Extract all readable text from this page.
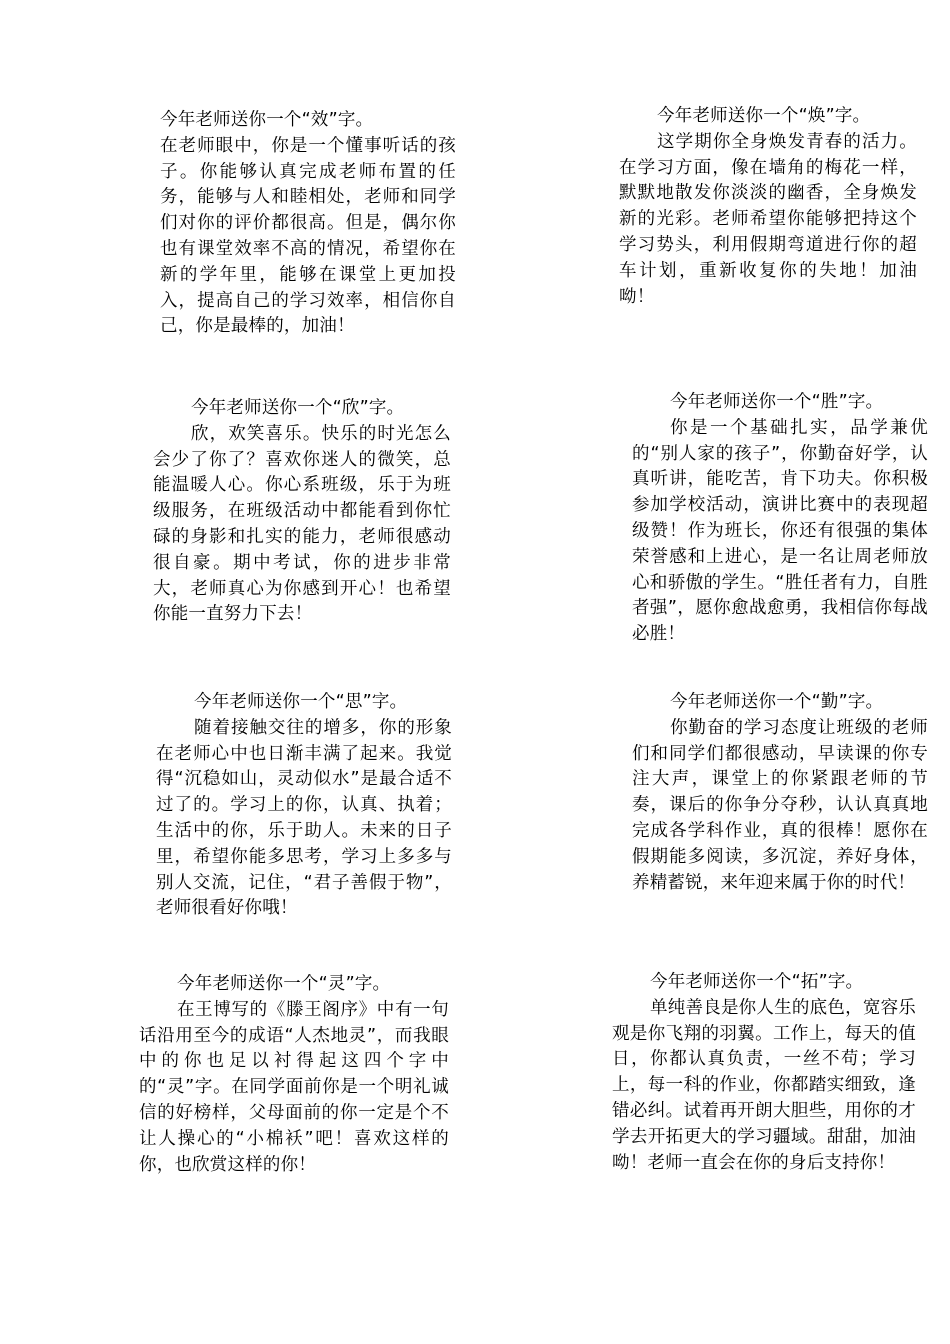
今年老师送你一个“效”字。

在老师眼中，你是一个懂事听话的孩子。你能够认真完成老师布置的任务，能够与人和睦相处，老师和同学们对你的评价都很高。但是，偶尔你也有课堂效率不高的情况，希望你在新的学年里，能够在课堂上更加投入，提高自己的学习效率，相信你自己，你是最棒的，加油！

今年老师送你一个“焕”字。

这学期你全身焕发青春的活力。在学习方面，像在墙角的梅花一样，默默地散发你淡淡的幽香，全身焕发新的光彩。老师希望你能够把持这个学习势头，利用假期弯道进行你的超车计划，重新收复你的失地！加油呦！

今年老师送你一个“欣”字。

欣，欢笑喜乐。快乐的时光怎么会少了你了？喜欢你迷人的微笑，总能温暖人心。你心系班级，乐于为班级服务，在班级活动中都能看到你忙碌的身影和扎实的能力，老师很感动很自豪。期中考试，你的进步非常大，老师真心为你感到开心！也希望你能一直努力下去！

今年老师送你一个“胜”字。

你是一个基础扎实，品学兼优的“别人家的孩子”，你勤奋好学，认真听讲，能吃苦，肯下功夫。你积极参加学校活动，演讲比赛中的表现超级赞！作为班长，你还有很强的集体荣誉感和上进心，是一名让周老师放心和骄傲的学生。“胜任者有力，自胜者强”，愿你愈战愈勇，我相信你每战必胜！

今年老师送你一个“思”字。

随着接触交往的增多，你的形象在老师心中也日渐丰满了起来。我觉得“沉稳如山，灵动似水”是最合适不过了的。学习上的你，认真、执着；生活中的你，乐于助人。未来的日子里，希望你能多思考，学习上多多与别人交流，记住，“君子善假于物”，老师很看好你哦！

今年老师送你一个“勤”字。

你勤奋的学习态度让班级的老师们和同学们都很感动，早读课的你专注大声，课堂上的你紧跟老师的节奏，课后的你争分夺秒，认认真真地完成各学科作业，真的很棒！愿你在假期能多阅读，多沉淀，养好身体，养精蓄锐，来年迎来属于你的时代！

今年老师送你一个“灵”字。

在王博写的《滕王阁序》中有一句话沿用至今的成语“人杰地灵”，而我眼中的你也足以衬得起这四个字中的“灵”字。在同学面前你是一个明礼诚信的好榜样，父母面前的你一定是个不让人操心的“小棉袄”吧！喜欢这样的你，也欣赏这样的你！

今年老师送你一个“拓”字。

单纯善良是你人生的底色，宽容乐观是你飞翔的羽翼。工作上，每天的值日，你都认真负责，一丝不苟；学习上，每一科的作业，你都踏实细致，逢错必纠。试着再开朗大胆些，用你的才学去开拓更大的学习疆域。甜甜，加油呦！老师一直会在你的身后支持你！
